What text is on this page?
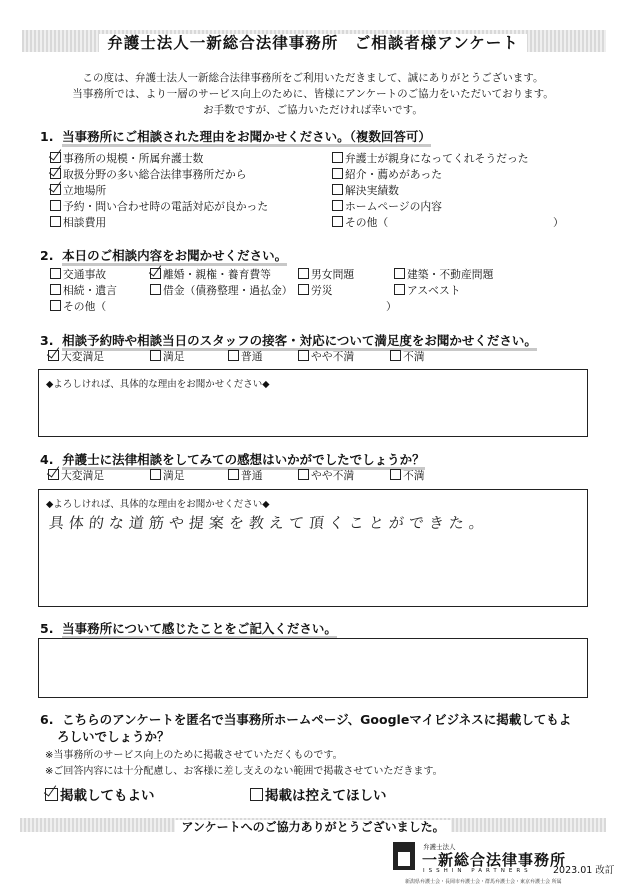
弁護士法人一新総合法律事務所　ご相談者様アンケート
この度は、弁護士法人一新総合法律事務所をご利用いただきまして、誠にありがとうございます。
当事務所では、より一層のサービス向上のために、皆様にアンケートのご協力をいただいております。
お手数ですが、ご協力いただければ幸いです。
1. 当事務所にご相談された理由をお聞かせください。（複数回答可）
事務所の規模・所属弁護士数
取扱分野の多い総合法律事務所だから
立地場所
予約・問い合わせ時の電話対応が良かった
相談費用
弁護士が親身になってくれそうだった
紹介・薦めがあった
解決実績数
ホームページの内容
その他（	）
2. 本日のご相談内容をお聞かせください。
交通事故	離婚・親権・養育費等	男女問題	建築・不動産問題
相続・遺言	借金（債務整理・過払金）	労災	アスベスト
その他（	）
3. 相談予約時や相談当日のスタッフの接客・対応について満足度をお聞かせください。
大変満足	満足	普通	やや不満	不満
◆よろしければ、具体的な理由をお聞かせください◆
4. 弁護士に法律相談をしてみての感想はいかがでしたでしょうか？
大変満足	満足	普通	やや不満	不満
◆よろしければ、具体的な理由をお聞かせください◆
具体的な道筋や提案を教えて頂くことができた。
5. 当事務所について感じたことをご記入ください。
6. こちらのアンケートを匿名で当事務所ホームページ、Googleマイビジネスに掲載してもよ
ろしいでしょうか？
※当事務所のサービス向上のために掲載させていただくものです。
※ご回答内容には十分配慮し、お客様に差し支えのない範囲で掲載させていただきます。
掲載してもよい	掲載は控えてほしい
アンケートへのご協力ありがとうございました。
弁護士法人
一新総合法律事務所
ISSHIN PARTNERS
新潟県弁護士会・長岡市弁護士会・群馬弁護士会・東京弁護士会 所属
2023.01 改訂
